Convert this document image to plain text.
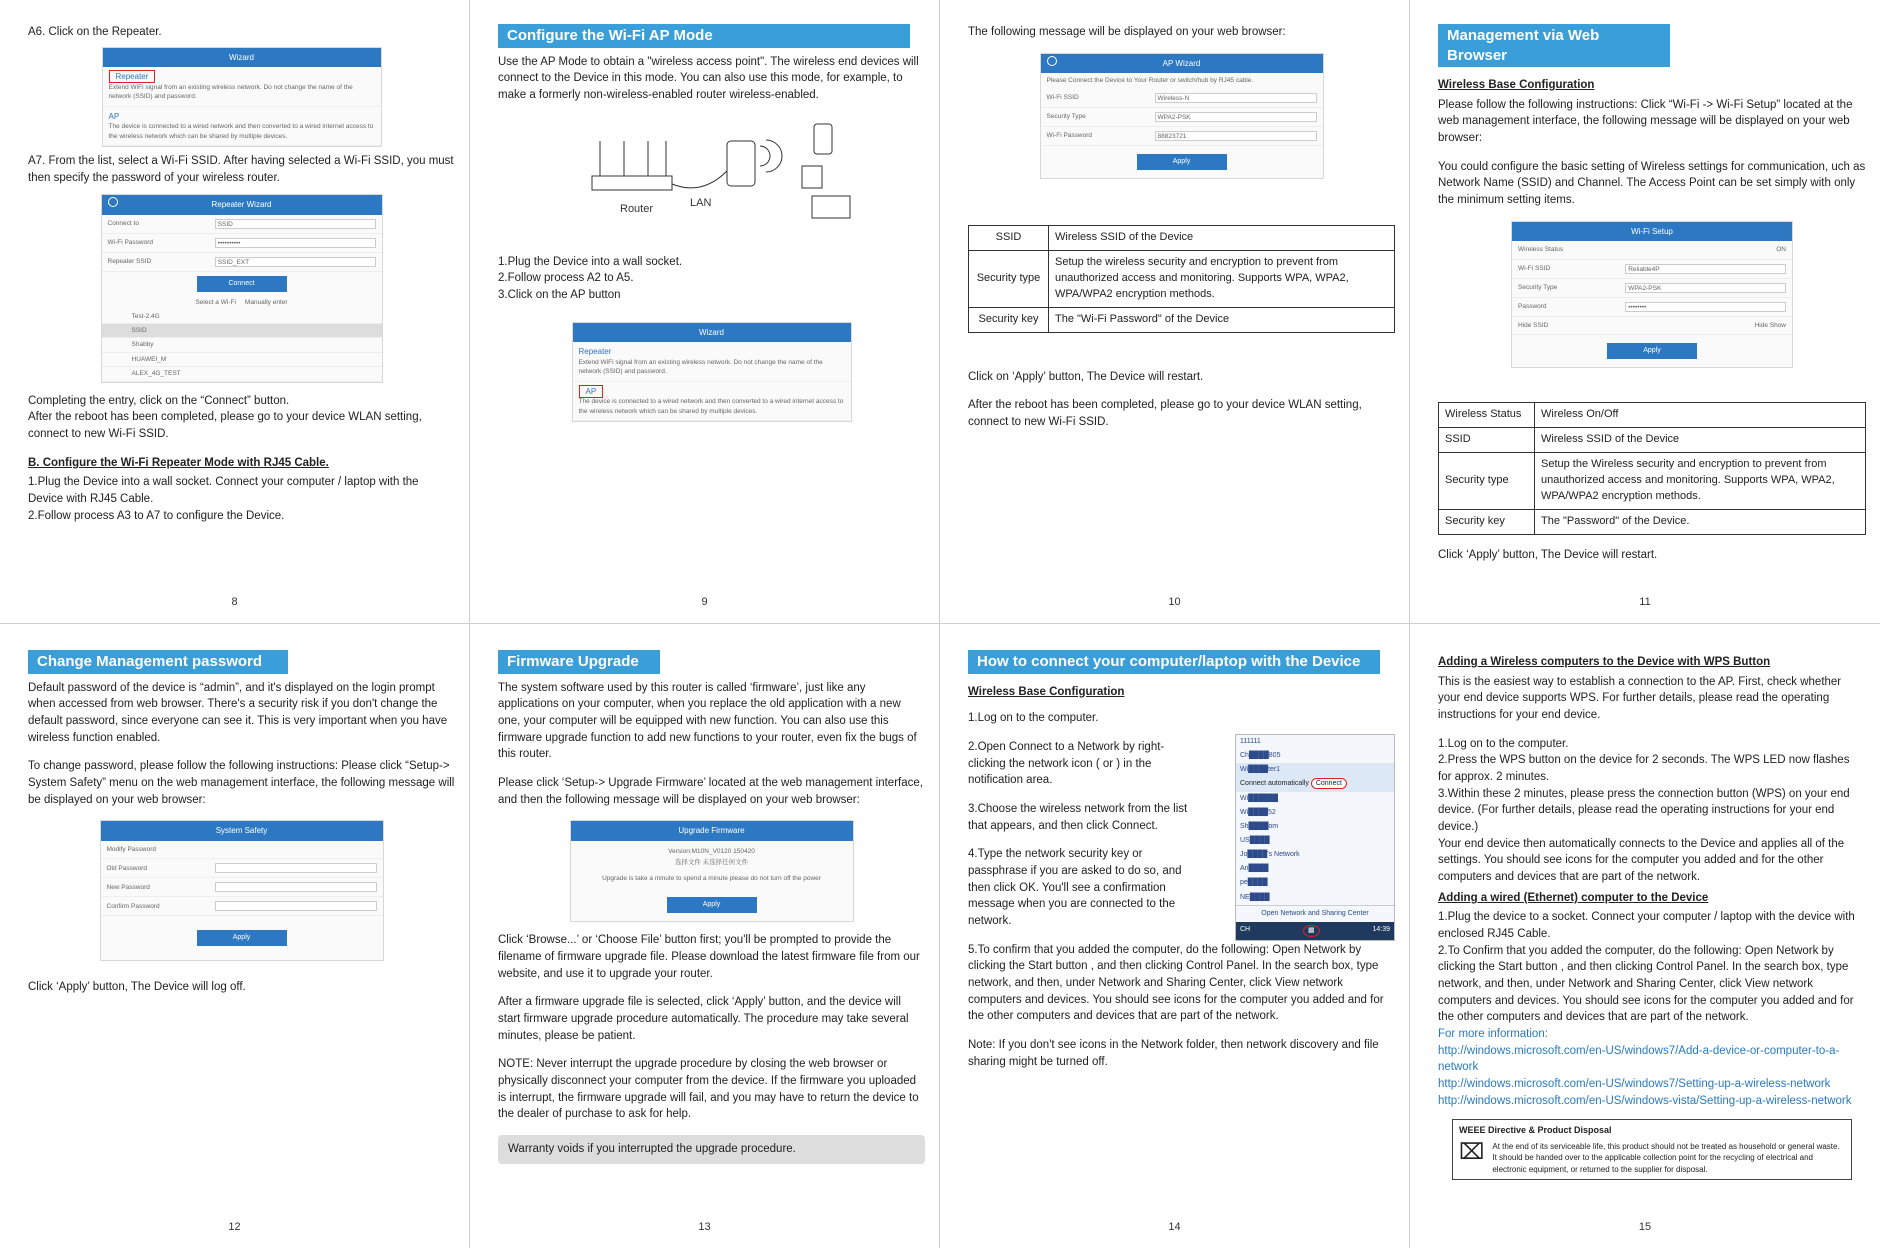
A6. Click on the Repeater.

Wizard
Repeater
Extend WiFi signal from an existing wireless network. Do not change the name of the network (SSID) and password.
AP
The device is connected to a wired network and then converted to a wired internet access to the wireless network which can be shared by multiple devices.

A7. From the list, select a Wi-Fi SSID. After having selected a Wi-Fi SSID, you must then specify the password of your wireless router.

Repeater Wizard
Connect to	SSID
Wi-Fi Password	••••••••••
Repeater SSID	SSID_EXT
Connect
Select a Wi-Fi Manually enter
Test-2.4G
SSID
Shabby
HUAWEI_M
ALEX_4G_TEST

Completing the entry, click on the “Connect” button.

After the reboot has been completed, please go to your device WLAN setting, connect to new Wi-Fi SSID.

B. Configure the Wi-Fi Repeater Mode with RJ45 Cable.

1.Plug the Device into a wall socket. Connect your computer / laptop with the Device with RJ45 Cable.

2.Follow process A3 to A7 to configure the Device.

8
Configure the Wi-Fi AP Mode

Use the AP Mode to obtain a "wireless access point". The wireless end devices will connect to the Device in this mode. You can also use this mode, for example, to make a formerly non-wireless-enabled router wireless-enabled.

Router	LAN

1.Plug the Device into a wall socket.

2.Follow process A2 to A5.

3.Click on the AP button

Wizard
Repeater
Extend WiFi signal from an existing wireless network. Do not change the name of the network (SSID) and password.
AP
The device is connected to a wired network and then converted to a wired internet access to the wireless network which can be shared by multiple devices.
9

The following message will be displayed on your web browser:

AP Wizard
Please Connect the Device to Your Router or switch/hub by RJ45 cable.
Wi-Fi SSID	Wireless-N
Security Type	WPA2-PSK
Wi-Fi Password	88823721
Apply
SSID	Wireless SSID of the Device
Security type	Setup the wireless security and encryption to prevent from unauthorized access and monitoring. Supports WPA, WPA2, WPA/WPA2 encryption methods.
Security key	The "Wi-Fi Password" of the Device

Click on ‘Apply’ button, The Device will restart.

After the reboot has been completed, please go to your device WLAN setting, connect to new Wi-Fi SSID.

10
Management via Web Browser
Wireless Base Configuration

Please follow the following instructions: Click “Wi-Fi -> Wi-Fi Setup” located at the web management interface, the following message will be displayed on your web browser:

You could configure the basic setting of Wireless settings for communication, uch as Network Name (SSID) and Channel. The Access Point can be set simply with only the minimum setting items.

Wi-Fi Setup
Wireless Status	ON
Wi-Fi SSID	Reliable4P
Security Type	WPA2-PSK
Password	••••••••
Hide SSID	Hide Show
Apply
Wireless Status	Wireless On/Off
SSID	Wireless SSID of the Device
Security type	Setup the Wireless security and encryption to prevent from unauthorized access and monitoring. Supports WPA, WPA2, WPA/WPA2 encryption methods.
Security key	The "Password" of the Device.

Click ‘Apply’ button, The Device will restart.

11
Change Management password

Default password of the device is “admin”, and it's displayed on the login prompt when accessed from web browser. There's a security risk if you don't change the default password, since everyone can see it. This is very important when you have wireless function enabled.

To change password, please follow the following instructions: Please click “Setup-> System Safety” menu on the web management interface, the following message will be displayed on your web browser:

System Safety
Modify Password
Old Password
New Password
Confirm Password
Apply

Click ‘Apply’ button, The Device will log off.

12
Firmware Upgrade

The system software used by this router is called ‘firmware’, just like any applications on your computer, when you replace the old application with a new one, your computer will be equipped with new function. You can also use this firmware upgrade function to add new functions to your router, even fix the bugs of this router.

Please click ‘Setup-> Upgrade Firmware’ located at the web management interface, and then the following message will be displayed on your web browser:

Upgrade Firmware
Version:M10N_V0120 150420
选择文件 未选择任何文件
Upgrade is take a minute to spend a minute please do not turn off the power
Apply

Click ‘Browse...’ or ‘Choose File’ button first; you'll be prompted to provide the filename of firmware upgrade file. Please download the latest firmware file from our website, and use it to upgrade your router.

After a firmware upgrade file is selected, click ‘Apply’ button, and the device will start firmware upgrade procedure automatically. The procedure may take several minutes, please be patient.

NOTE: Never interrupt the upgrade procedure by closing the web browser or physically disconnect your computer from the device. If the firmware you uploaded is interrupt, the firmware upgrade will fail, and you may have to return the device to the dealer of purchase to ask for help.

Warranty voids if you interrupted the upgrade procedure.
13
How to connect your computer/laptop with the Device
Wireless Base Configuration
111111
Ch████805
Wi████ter1
Connect automatically Connect
Wi██████
Wi████52
Sh████om
US████
Jo████'s Network
An████
pe████
NE████
Open Network and Sharing Center
CH	▦	14:39

1.Log on to the computer.

2.Open Connect to a Network by right-clicking the network icon ( or ) in the notification area.

3.Choose the wireless network from the list that appears, and then click Connect.

4.Type the network security key or passphrase if you are asked to do so, and then click OK. You'll see a confirmation message when you are connected to the network.

5.To confirm that you added the computer, do the following: Open Network by clicking the Start button , and then clicking Control Panel. In the search box, type network, and then, under Network and Sharing Center, click View network computers and devices. You should see icons for the computer you added and for the other computers and devices that are part of the network.

Note: If you don't see icons in the Network folder, then network discovery and file sharing might be turned off.

14
Adding a Wireless computers to the Device with WPS Button

This is the easiest way to establish a connection to the AP. First, check whether your end device supports WPS. For further details, please read the operating instructions for your end device.

1.Log on to the computer.

2.Press the WPS button on the device for 2 seconds. The WPS LED now flashes for approx. 2 minutes.

3.Within these 2 minutes, please press the connection button (WPS) on your end device. (For further details, please read the operating instructions for your end device.)

Your end device then automatically connects to the Device and applies all of the settings. You should see icons for the computer you added and for the other computers and devices that are part of the network.

Adding a wired (Ethernet) computer to the Device

1.Plug the device to a socket. Connect your computer / laptop with the device with enclosed RJ45 Cable.

2.To Confirm that you added the computer, do the following: Open Network by clicking the Start button , and then clicking Control Panel. In the search box, type network, and then, under Network and Sharing Center, click View network computers and devices. You should see icons for the computer you added and for the other computers and devices that are part of the network.

For more information:

http://windows.microsoft.com/en-US/windows7/Add-a-device-or-computer-to-a-network
http://windows.microsoft.com/en-US/windows7/Setting-up-a-wireless-network
http://windows.microsoft.com/en-US/windows-vista/Setting-up-a-wireless-network
WEEE Directive & Product Disposal
⌧ At the end of its serviceable life, this product should not be treated as household or general waste. It should be handed over to the applicable collection point for the recycling of electrical and electronic equipment, or returned to the supplier for disposal.
15
